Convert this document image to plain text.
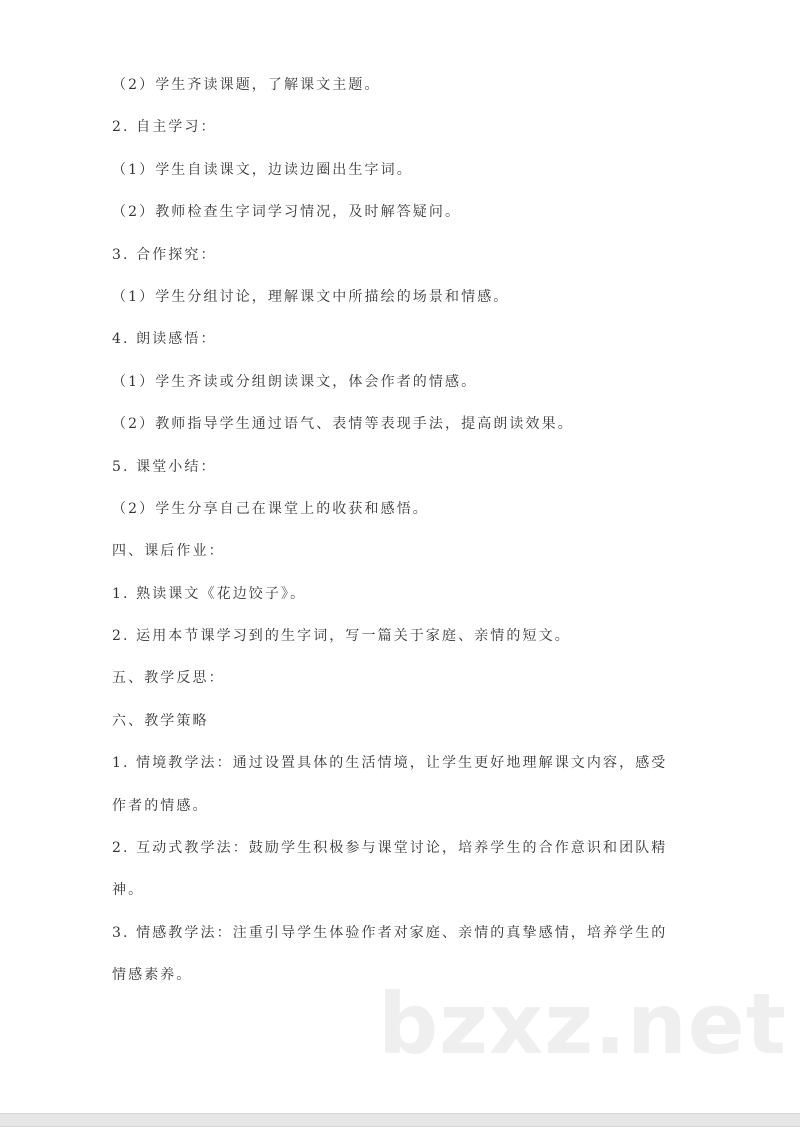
（2）学生齐读课题，了解课文主题。
2. 自主学习：
（1）学生自读课文，边读边圈出生字词。
（2）教师检查生字词学习情况，及时解答疑问。
3. 合作探究：
（1）学生分组讨论，理解课文中所描绘的场景和情感。
4. 朗读感悟：
（1）学生齐读或分组朗读课文，体会作者的情感。
（2）教师指导学生通过语气、表情等表现手法，提高朗读效果。
5. 课堂小结：
（2）学生分享自己在课堂上的收获和感悟。
四、课后作业：
1. 熟读课文《花边饺子》。
2. 运用本节课学习到的生字词，写一篇关于家庭、亲情的短文。
五、教学反思：
六、教学策略
1. 情境教学法：通过设置具体的生活情境，让学生更好地理解课文内容，感受
作者的情感。
2. 互动式教学法：鼓励学生积极参与课堂讨论，培养学生的合作意识和团队精
神。
3. 情感教学法：注重引导学生体验作者对家庭、亲情的真挚感情，培养学生的
情感素养。	bzxz.net
